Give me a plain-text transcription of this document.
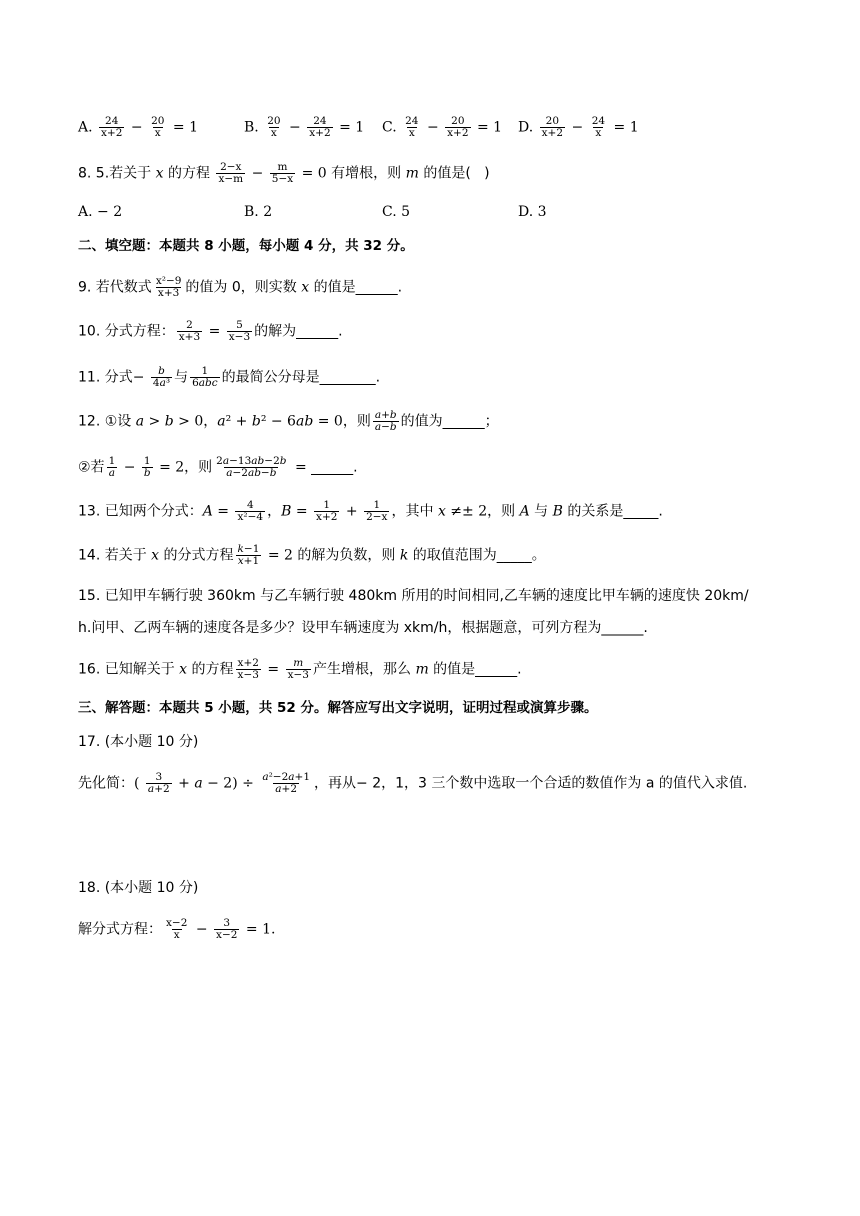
A. $\frac{24}{x+2} - \frac{20}{x} = 1$	B. $\frac{20}{x} - \frac{24}{x+2} = 1$ C. $\frac{24}{x} - \frac{20}{x+2} = 1$ D. $\frac{20}{x+2} - \frac{24}{x} = 1$
8. 5.若关于 x 的方程 $\frac{2-x}{x-m} - \frac{m}{5-x} = 0$ 有增根，则 m 的值是(   )
A. − 2	B. 2	C. 5	D. 3
二、填空题：本题共 8 小题，每小题 4 分，共 32 分。
9. 若代数式 $\frac{\text{x²−9}}{x+3}$ 的值为 0，则实数 x 的值是______.
10. 分式方程： $\frac{2}{x+3} = \frac{5}{x-3}$ 的解为______.
11. 分式− $\frac{b}{\text{4a³}}$ 与 $\frac{1}{\text{6abc}}$ 的最简公分母是________.
12. ①设 a > b > 0，a² + b² − 6ab = 0，则 $\frac{a+b}{a-b}$ 的值为______；
②若 $\frac{1}{a} - \frac{1}{b} = 2$，则 $\frac{2a-13ab-2b}{a-2ab-b}$ = ______.
13. 已知两个分式：$A = \frac{4}{\text{x²−4}}$ ，$B = \frac{1}{x+2} + \frac{1}{2-x}$ ，其中 x ≠± 2，则 A 与 B 的关系是_____.
14. 若关于 x 的分式方程 $\frac{k-1}{x+1} = 2$ 的解为负数，则 k 的取值范围为_____。
15. 已知甲车辆行驶 360km 与乙车辆行驶 480km 所用的时间相同,乙车辆的速度比甲车辆的速度快 20km/
h.问甲、乙两车辆的速度各是多少？设甲车辆速度为 xkm/h，根据题意，可列方程为______.
16. 已知解关于 x 的方程 $\frac{x+2}{x-3} = \frac{m}{x-3}$ 产生增根，那么 m 的值是______.
三、解答题：本题共 5 小题，共 52 分。解答应写出文字说明，证明过程或演算步骤。
17. (本小题 10 分)
先化简：( $\frac{3}{a+2} + a - 2) \div \frac{\text{a²−2a+1}}{a+2}$ ，再从− 2，1，3 三个数中选取一个合适的数值作为 a 的值代入求值.
18. (本小题 10 分)
解分式方程： $\frac{x-2}{x} - \frac{3}{x-2} = 1$.
